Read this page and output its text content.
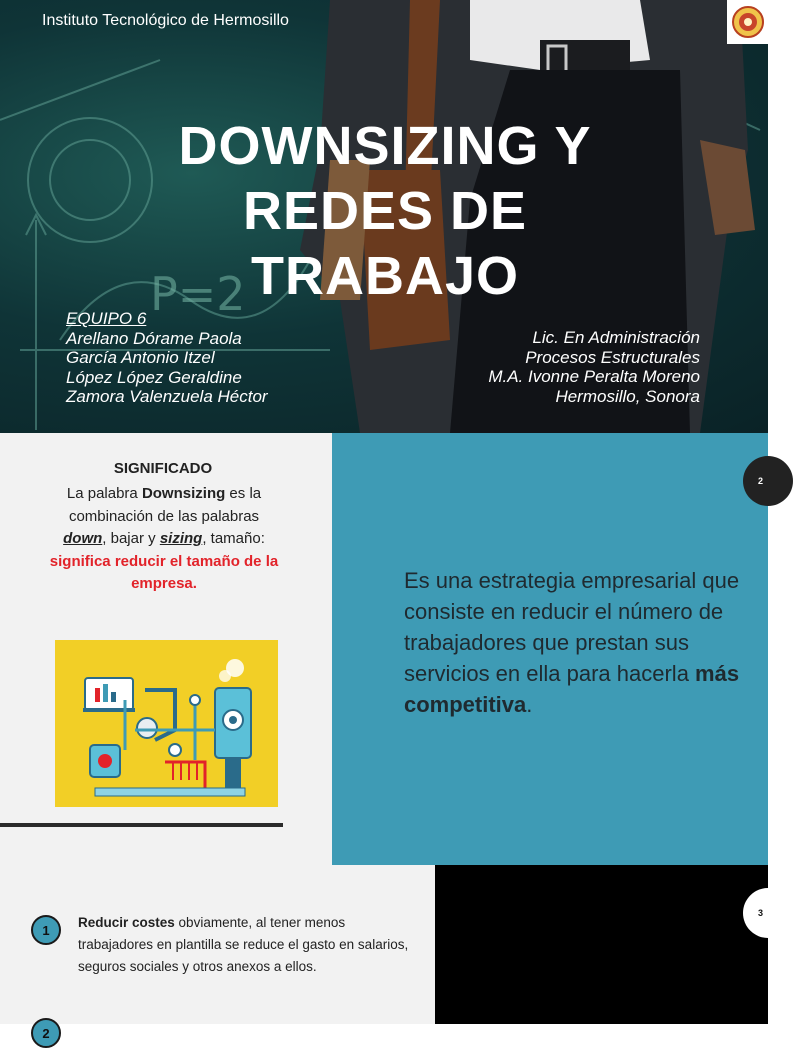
P=2
Instituto Tecnológico de Hermosillo
DOWNSIZING Y
REDES DE
TRABAJO
EQUIPO 6
Arellano Dórame Paola
García Antonio Itzel
López López Geraldine
Zamora Valenzuela Héctor
Lic. En Administración
Procesos Estructurales
M.A. Ivonne Peralta Moreno
Hermosillo, Sonora
SIGNIFICADO
La palabra Downsizing es la combinación de las palabras down, bajar y sizing, tamaño: significa reducir el tamaño de la empresa.	Es una estrategia empresarial que consiste en reducir el número de trabajadores que prestan sus servicios en ella para hacerla más competitiva.
2
1	Reducir costes obviamente, al tener menos trabajadores en plantilla se reduce el gasto en salarios, seguros sociales y otros anexos a ellos.
2
3
